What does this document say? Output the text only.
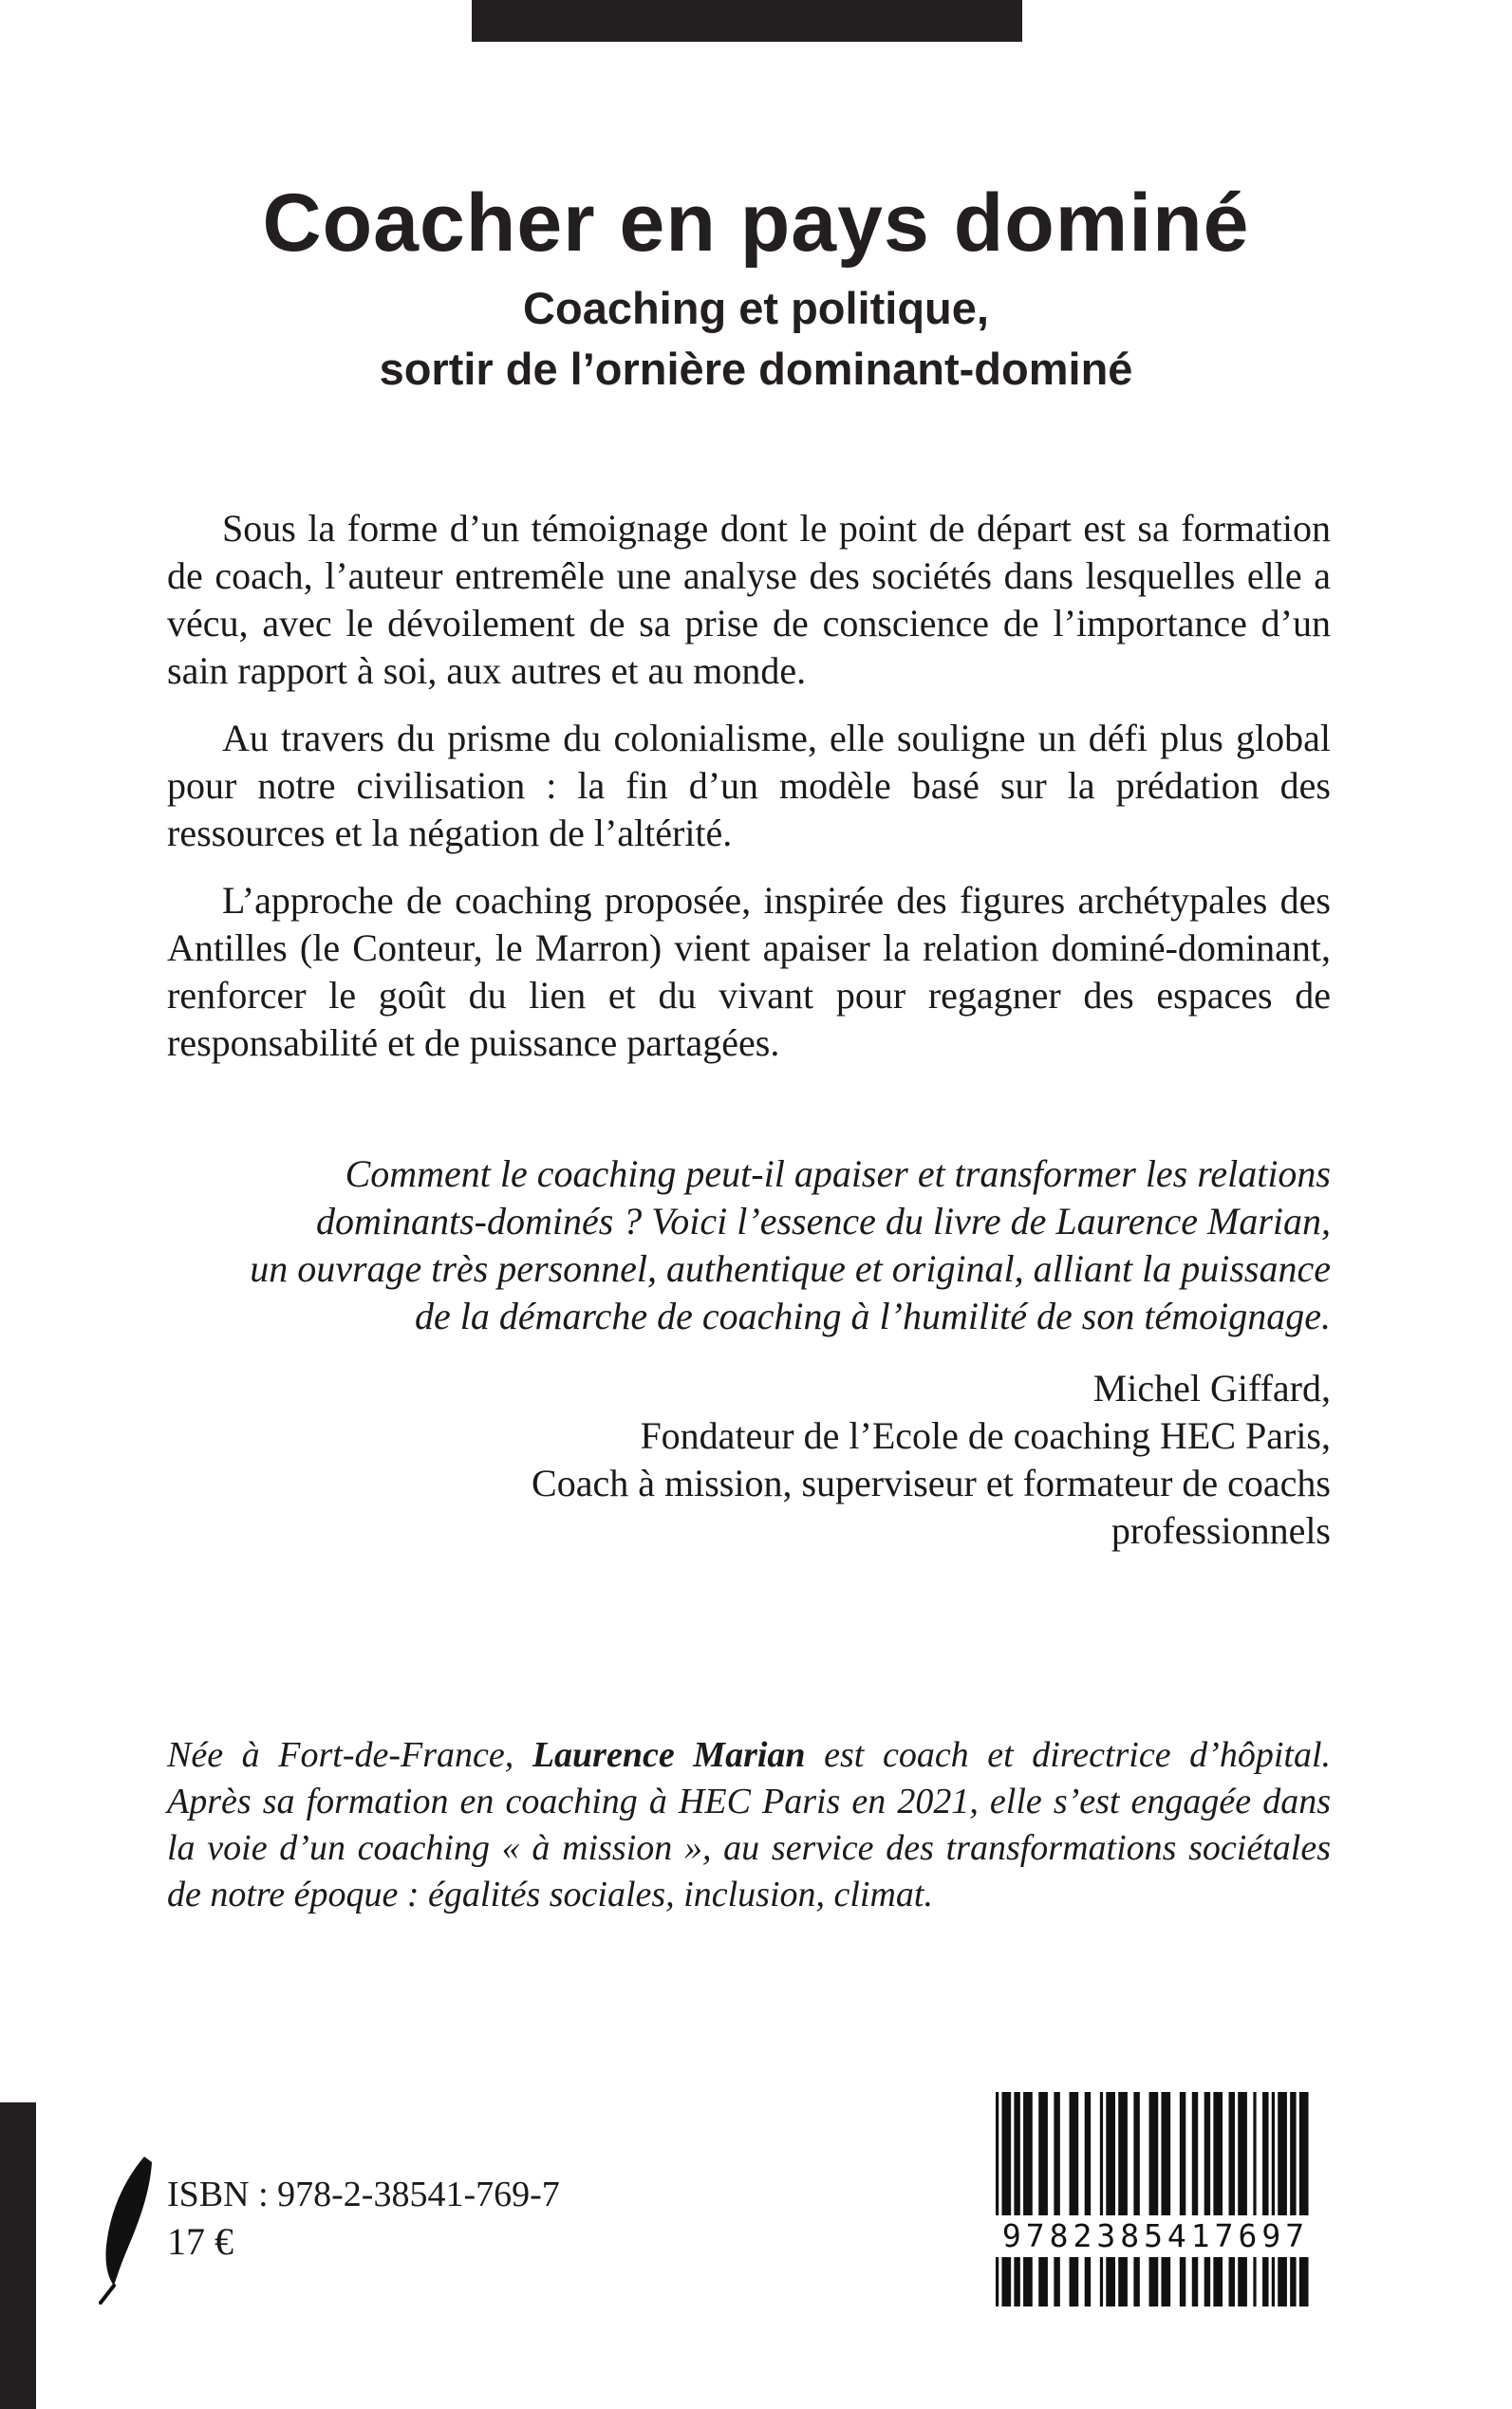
Coacher en pays dominé
Coaching et politique,
sortir de l’ornière dominant-dominé

Sous la forme d’un témoignage dont le point de départ est sa formation de coach, l’auteur entremêle une analyse des sociétés dans lesquelles elle a vécu, avec le dévoilement de sa prise de conscience de l’importance d’un sain rapport à soi, aux autres et au monde.

Au travers du prisme du colonialisme, elle souligne un défi plus global pour notre civilisation : la fin d’un modèle basé sur la prédation des ressources et la négation de l’altérité.

L’approche de coaching proposée, inspirée des figures archétypales des Antilles (le Conteur, le Marron) vient apaiser la relation dominé-dominant, renforcer le goût du lien et du vivant pour regagner des espaces de responsabilité et de puissance partagées.

Comment le coaching peut-il apaiser et transformer les relations
dominants-dominés ? Voici l’essence du livre de Laurence Marian,
un ouvrage très personnel, authentique et original, alliant la puissance
de la démarche de coaching à l’humilité de son témoignage.
Michel Giffard,
Fondateur de l’Ecole de coaching HEC Paris,
Coach à mission, superviseur et formateur de coachs
professionnels
Née à Fort-de-France, Laurence Marian est coach et directrice d’hôpital. Après sa formation en coaching à HEC Paris en 2021, elle s’est engagée dans la voie d’un coaching « à mission », au service des transformations sociétales de notre époque : égalités sociales, inclusion, climat.
ISBN : 978-2-38541-769-7
17 €	9782385417697
